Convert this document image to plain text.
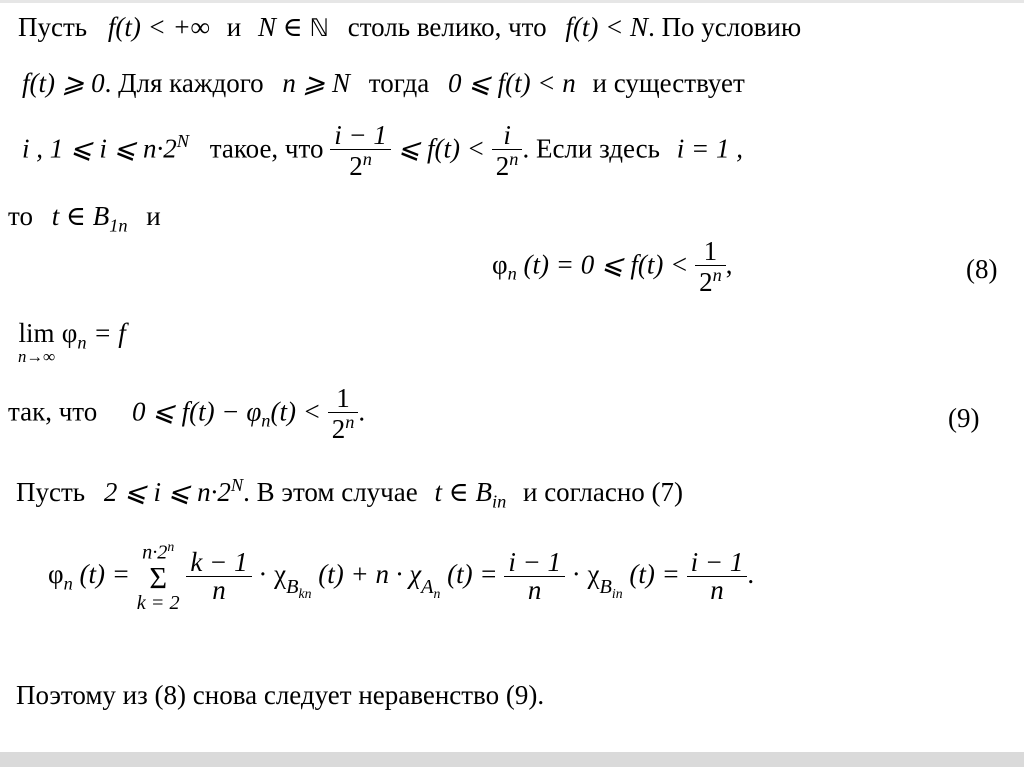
Пусть f(t) < +∞ и N ∈ ℕ столь велико, что f(t) < N. По условию
f(t) ⩾ 0. Для каждого n ⩾ N тогда 0 ⩽ f(t) < n и существует
i , 1 ⩽ i ⩽ $n\cdot 2^N$ такое, что $\frac{i - 1}{2^n}$ ⩽ $f(t) < \frac{i}{2^n}$ . Если здесь i = 1 ,
то t ∈ $B_{1n}$ и
$\varphi_n$ (t) = 0 ⩽ $f(t) < \frac{1}{2^n}$ ,	(8)
lim
n→∞
$\varphi_n = f$
так, что 0 ⩽ $f(t) - \varphi_n(t) < \frac{1}{2^n}$ .	(9)
Пусть 2 ⩽ i ⩽ $n\cdot 2^N$. В этом случае t ∈ $B_{in}$ и согласно (7)
$\varphi_n$ (t) =
$n\cdot 2^n$
Σ
k = 2
$\frac{k - 1}{n} \cdot \chi_{B_{kn}}$ $(t) + n \cdot \chi_{A_n}$ $(t) = \frac{i - 1}{n} \cdot \chi_{B_{in}}$ $(t) = \frac{i - 1}{n}$ .
Поэтому из (8) снова следует неравенство (9).
